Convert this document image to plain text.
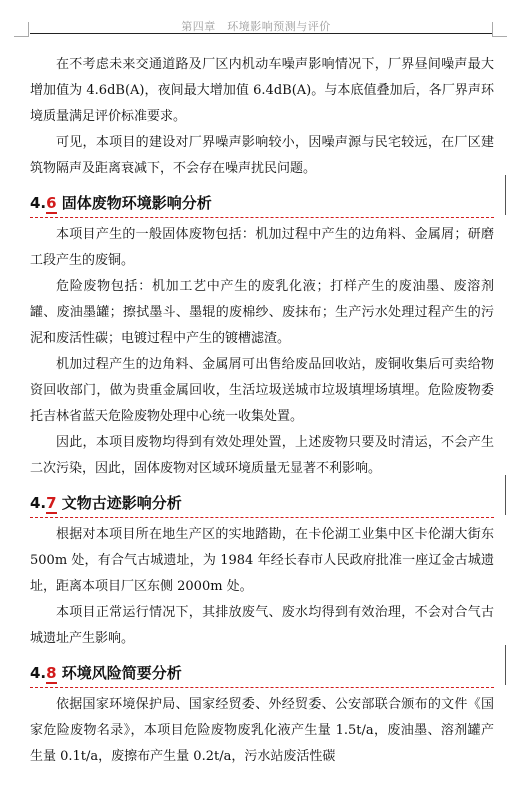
第四章　环境影响预测与评价

在不考虑未来交通道路及厂区内机动车噪声影响情况下，厂界昼间噪声最大增加值为 4.6dB(A)，夜间最大增加值 6.4dB(A)。与本底值叠加后，各厂界声环境质量满足评价标准要求。

可见，本项目的建设对厂界噪声影响较小，因噪声源与民宅较远，在厂区建筑物隔声及距离衰减下，不会存在噪声扰民问题。

4.6 固体废物环境影响分析

本项目产生的一般固体废物包括：机加过程中产生的边角料、金属屑；研磨工段产生的废铜。

危险废物包括：机加工艺中产生的废乳化液；打样产生的废油墨、废溶剂罐、废油墨罐；擦拭墨斗、墨辊的废棉纱、废抹布；生产污水处理过程产生的污泥和废活性碳；电镀过程中产生的镀槽滤渣。

机加过程产生的边角料、金属屑可出售给废品回收站，废铜收集后可卖给物资回收部门，做为贵重金属回收，生活垃圾送城市垃圾填埋场填埋。危险废物委托吉林省蓝天危险废物处理中心统一收集处置。

因此，本项目废物均得到有效处理处置，上述废物只要及时清运，不会产生二次污染，因此，固体废物对区域环境质量无显著不利影响。

4.7 文物古迹影响分析

根据对本项目所在地生产区的实地踏勘，在卡伦湖工业集中区卡伦湖大街东 500m 处，有合气古城遗址，为 1984 年经长春市人民政府批准一座辽金古城遗址，距离本项目厂区东侧 2000m 处。

本项目正常运行情况下，其排放废气、废水均得到有效治理，不会对合气古城遗址产生影响。

4.8 环境风险简要分析

依据国家环境保护局、国家经贸委、外经贸委、公安部联合颁布的文件《国家危险废物名录》，本项目危险废物废乳化液产生量 1.5t/a，废油墨、溶剂罐产生量 0.1t/a，废擦布产生量 0.2t/a，污水站废活性碳
